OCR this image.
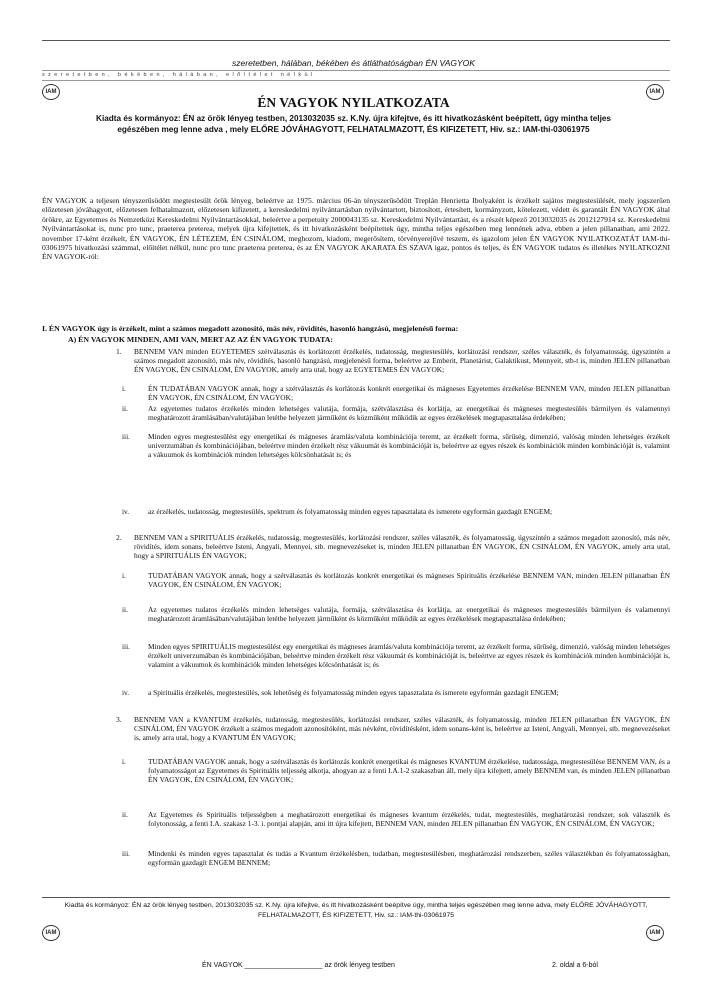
szeretetben, hálában, békében és átláthatóságban ÉN VAGYOK
szeretetben, békében, hálában, előítélet nélkül
IAM	IAM
ÉN VAGYOK NYILATKOZATA
Kiadta és kormányoz: ÉN az örök lényeg testben, 2013032035 sz. K.Ny. újra kifejtve, és itt hivatkozásként beépített, úgy mintha teljes egészében meg lenne adva , mely ELŐRE JÓVÁHAGYOTT, FELHATALMAZOTT, ÉS KIFIZETETT, Hiv. sz.: IAM-thi-03061975
ÉN VAGYOK a teljesen tényszerűsödött megtestesült örök lényeg, beleértve az 1975. március 06-án tényszerűsödött Treplán Henrietta Ibolyaként is érzékelt sajátos megtestesülését, mely jogszerűen előzetesen jóváhagyott, előzetesen felhatalmazott, előzetesen kifizetett, a kereskedelmi nyilvántartásban nyilvántartott, biztosított, értesített, kormányzott, kötelezett, védett és garantált ÉN VAGYOK által örökre, az Egyetemes és Nemzetközi Kereskedelmi Nyilvántartásokkal, beleértve a perpetuity 2000043135 sz. Kereskedelmi Nyilvántartást, és a részét képező 2013032035 és 2012127914 sz. Kereskedelmi Nyilvántartásokat is, nunc pro tunc, praeterea preterea, melyek újra kifejtettek, és itt hivatkozásként beépítettek úgy, mintha teljes egészében meg lennének adva, ebben a jelen pillanatban, ami 2022. november 17-ként érzékelt, ÉN VAGYOK, ÉN LÉTEZEM, ÉN CSINÁLOM, meghozom, kiadom, megerősítem, törvényerejűvé teszem, és igazolom jelen ÉN VAGYOK NYILATKOZATÁT IAM-thi-03061975 hivatkozási számmal, előítélet nélkül, nunc pro tunc praeterea preterea, és az ÉN VAGYOK AKARATA ÉS SZAVA igaz, pontos és teljes, és ÉN VAGYOK tudatos és illetékes NYILATKOZNI ÉN VAGYOK-ról:
I. ÉN VAGYOK úgy is érzékelt, mint a számos megadott azonosító, más név, rövidítés, hasonló hangzású, megjelenésű forma:
A) ÉN VAGYOK MINDEN, AMI VAN, MERT AZ AZ ÉN VAGYOK TUDATA:
1. BENNEM VAN minden EGYETEMES szétválasztás és korlátozott érzékelés, tudatosság, megtestesülés, korlátozási rendszer, széles választék, és folyamatosság, úgyszintén a számos megadott azonosító, más név, rövidítés, hasonló hangzású, megjelenésű forma, beleértve az Emberit, Planetárist, Galaktikust, Mennyeit, stb-t is, minden JELEN pillanatban ÉN VAGYOK, ÉN CSINÁLOM, ÉN VAGYOK, amely arra utal, hogy az EGYETEMES ÉN VAGYOK;
i.	ÉN TUDATÁBAN VAGYOK annak, hogy a szétválasztás és korlátozás konkrét energetikai és mágneses Egyetemes érzékelése BENNEM VAN, minden JELEN pillanatban ÉN VAGYOK, ÉN CSINÁLOM, ÉN VAGYOK;
ii.	Az egyetemes tudatos érzékelés minden lehetséges valutája, formája, szétválasztása és korlátja, az energetikai és mágneses megtestesülés bármilyen és valamennyi meghatározott áramlásában/valutájában letétbe helyezett járműként és közműként működik az egyes érzékelések megtapasztalása érdekében;
iii. Minden egyes megtestesülést egy energetikai és mágneses áramlás/valuta kombinációja teremt, az érzékelt forma, sűrűség, dimenzió, valóság minden lehetséges érzékelt univerzumában és kombinációjában, beleértve minden érzékelt rész vákuumát és kombinációját is, beleértve az egyes részek és kombinációk minden kombinációját is, valamint a vákuumok és kombinációk minden lehetséges kölcsönhatását is; és
iv.	az érzékelés, tudatosság, megtestesülés, spektrum és folyamatosság minden egyes tapasztalata és ismerete egyformán gazdagít ENGEM;
2. BENNEM VAN a SPIRITUÁLIS érzékelés, tudatosság, megtestesülés, korlátozási rendszer, széles választék, és folyamatosság, úgyszintén a számos megadott azonosító, más név, rövidítés, idem sonans, beleértve Isteni, Angyali, Mennyei, stb. megnevezéseket is, minden JELEN pillanatban ÉN VAGYOK, ÉN CSINÁLOM, ÉN VAGYOK, amely arra utal, hogy a SPIRITUÁLIS ÉN VAGYOK;
i.	TUDATÁBAN VAGYOK annak, hogy a szétválasztás és korlátozás konkrét energetikai és mágneses Spirituális érzékelése BENNEM VAN, minden JELEN pillanatban ÉN VAGYOK, ÉN CSINÁLOM, ÉN VAGYOK;
ii.	Az egyetemes tudatos érzékelés minden lehetséges valutája, formája, szétválasztása és korlátja, az energetikai és mágneses megtestesülés bármilyen és valamennyi meghatározott áramlásában/valutájában letétbe helyezett járműként és közműként működik az egyes érzékelések megtapasztalása érdekében;
iii. Minden egyes SPIRITUÁLIS megtestesülést egy energetikai és mágneses áramlás/valuta kombinációja teremt, az érzékelt forma, sűrűség, dimenzió, valóság minden lehetséges érzékelt univerzumában és kombinációjában, beleértve minden érzékelt rész vákuumát és kombinációját is, beleértve az egyes részek és kombinációk minden kombinációját is, valamint a vákuumok és kombinációk minden lehetséges kölcsönhatását is; és
iv.	a Spirituális érzékelés, megtestesülés, sok lehetőség és folyamatosság minden egyes tapasztalata és ismerete egyformán gazdagít ENGEM;
3. BENNEM VAN a KVANTUM érzékelés, tudatosság, megtestesülés, korlátozási rendszer, széles választék, és folyamatosság, minden JELEN pillanatban ÉN VAGYOK, ÉN CSINÁLOM, ÉN VAGYOK érzékelt a számos megadott azonosítóként, más névként, rövidítésként, idem sonans-ként is, beleértve az Isteni, Angyali, Mennyei, stb. megnevezéseket is, amely arra utal, hogy a KVANTUM ÉN VAGYOK;
i.	TUDATÁBAN VAGYOK annak, hogy a szétválasztás és korlátozás konkrét energetikai és mágneses KVANTUM érzékelése, tudatossága, megtestesülése BENNEM VAN, és a folyamatosságot az Egyetemes és Spirituális teljesség alkotja, ahogyan az a fenti I.A.1-2 szakaszban áll, mely újra kifejtett, amely BENNEM van, és minden JELEN pillanatban ÉN VAGYOK, ÉN CSINÁLOM, ÉN VAGYOK;
ii.	Az Egyetemes és Spirituális teljességben a meghatározott energetikai és mágneses kvantum érzékelés, tudat, megtestesülés, meghatározási rendszer, sok választék és folytonosság, a fenti I.A. szakasz 1-3. i. pontjai alapján, ami itt újra kifejtett, BENNEM VAN, minden JELEN pillanatban ÉN VAGYOK, ÉN CSINÁLOM, ÉN VAGYOK;
iii. Mindenki és minden egyes tapasztalat és tudás a Kvantum érzékelésben, tudatban, megtestesülésben, meghatározási rendszerben, széles választékban és folyamatosságban, egyformán gazdagít ENGEM BENNEM;
Kiadta és kormányoz: ÉN az örök lényeg testben, 2013032035 sz. K.Ny. újra kifejtve, és itt hivatkozásként beépítve úgy, mintha teljes egészében meg lenne adva, mely ELŐRE JÓVÁHAGYOTT, FELHATALMAZOTT, ÉS KIFIZETETT, Hiv. sz.: IAM-thi-03061975
IAM	IAM
ÉN VAGYOK ____________________ az örök lényeg testben	2. oldal a 6-ból
